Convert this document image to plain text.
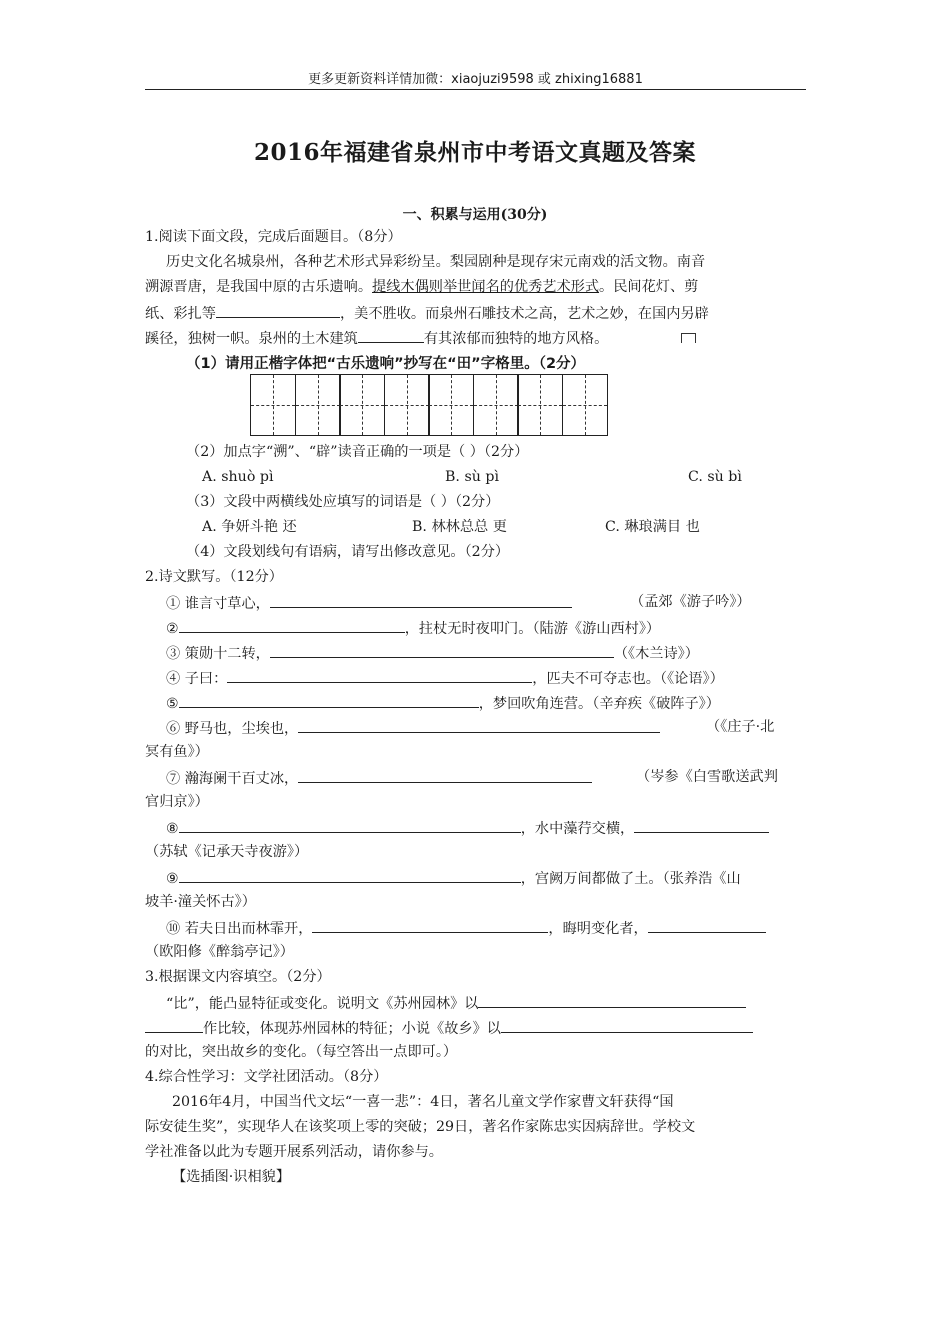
更多更新资料详情加微：xiaojuzi9598 或 zhixing16881
2016年福建省泉州市中考语文真题及答案
一、积累与运用(30分)
1.阅读下面文段，完成后面题目。（8分）
历史文化名城泉州，各种艺术形式异彩纷呈。梨园剧种是现存宋元南戏的活文物。南音
溯源晋唐，是我国中原的古乐遗响。提线木偶则举世闻名的优秀艺术形式。民间花灯、剪
纸、彩扎等	，美不胜收。而泉州石雕技术之高，艺术之妙，在国内另辟
蹊径，独树一帜。泉州的土木建筑	有其浓郁而独特的地方风格。
（1）请用正楷字体把“古乐遗响”抄写在“田”字格里。（2分）
（2）加点字“溯”、“辟”读音正确的一项是（ ）（2分）
A. shuò pì	B. sù pì	C. sù bì
（3）文段中两横线处应填写的词语是（ ）（2分）
A. 争妍斗艳 还	B. 林林总总 更	C. 琳琅满目 也
（4）文段划线句有语病，请写出修改意见。（2分）
2.诗文默写。（12分）
① 谁言寸草心，	（孟郊《游子吟》）
②	，拄杖无时夜叩门。（陆游《游山西村》）
③ 策勋十二转，	（《木兰诗》）
④ 子曰：	，匹夫不可夺志也。（《论语》）
⑤	，梦回吹角连营。（辛弃疾《破阵子》）
⑥ 野马也，尘埃也，	（《庄子·北
冥有鱼》）
⑦ 瀚海阑干百丈冰，	（岑参《白雪歌送武判
官归京》）
⑧	，水中藻荇交横，
（苏轼《记承天寺夜游》）
⑨	，宫阙万间都做了土。（张养浩《山
坡羊·潼关怀古》）
⑩ 若夫日出而林霏开，	，晦明变化者，
（欧阳修《醉翁亭记》）
3.根据课文内容填空。（2分）
“比”，能凸显特征或变化。说明文《苏州园林》以
作比较，体现苏州园林的特征；小说《故乡》以
的对比，突出故乡的变化。（每空答出一点即可。）
4.综合性学习：文学社团活动。（8分）
2016年4月，中国当代文坛“一喜一悲”：4日，著名儿童文学作家曹文轩获得“国
际安徒生奖”，实现华人在该奖项上零的突破；29日，著名作家陈忠实因病辞世。学校文
学社准备以此为专题开展系列活动，请你参与。
【选插图·识相貌】
